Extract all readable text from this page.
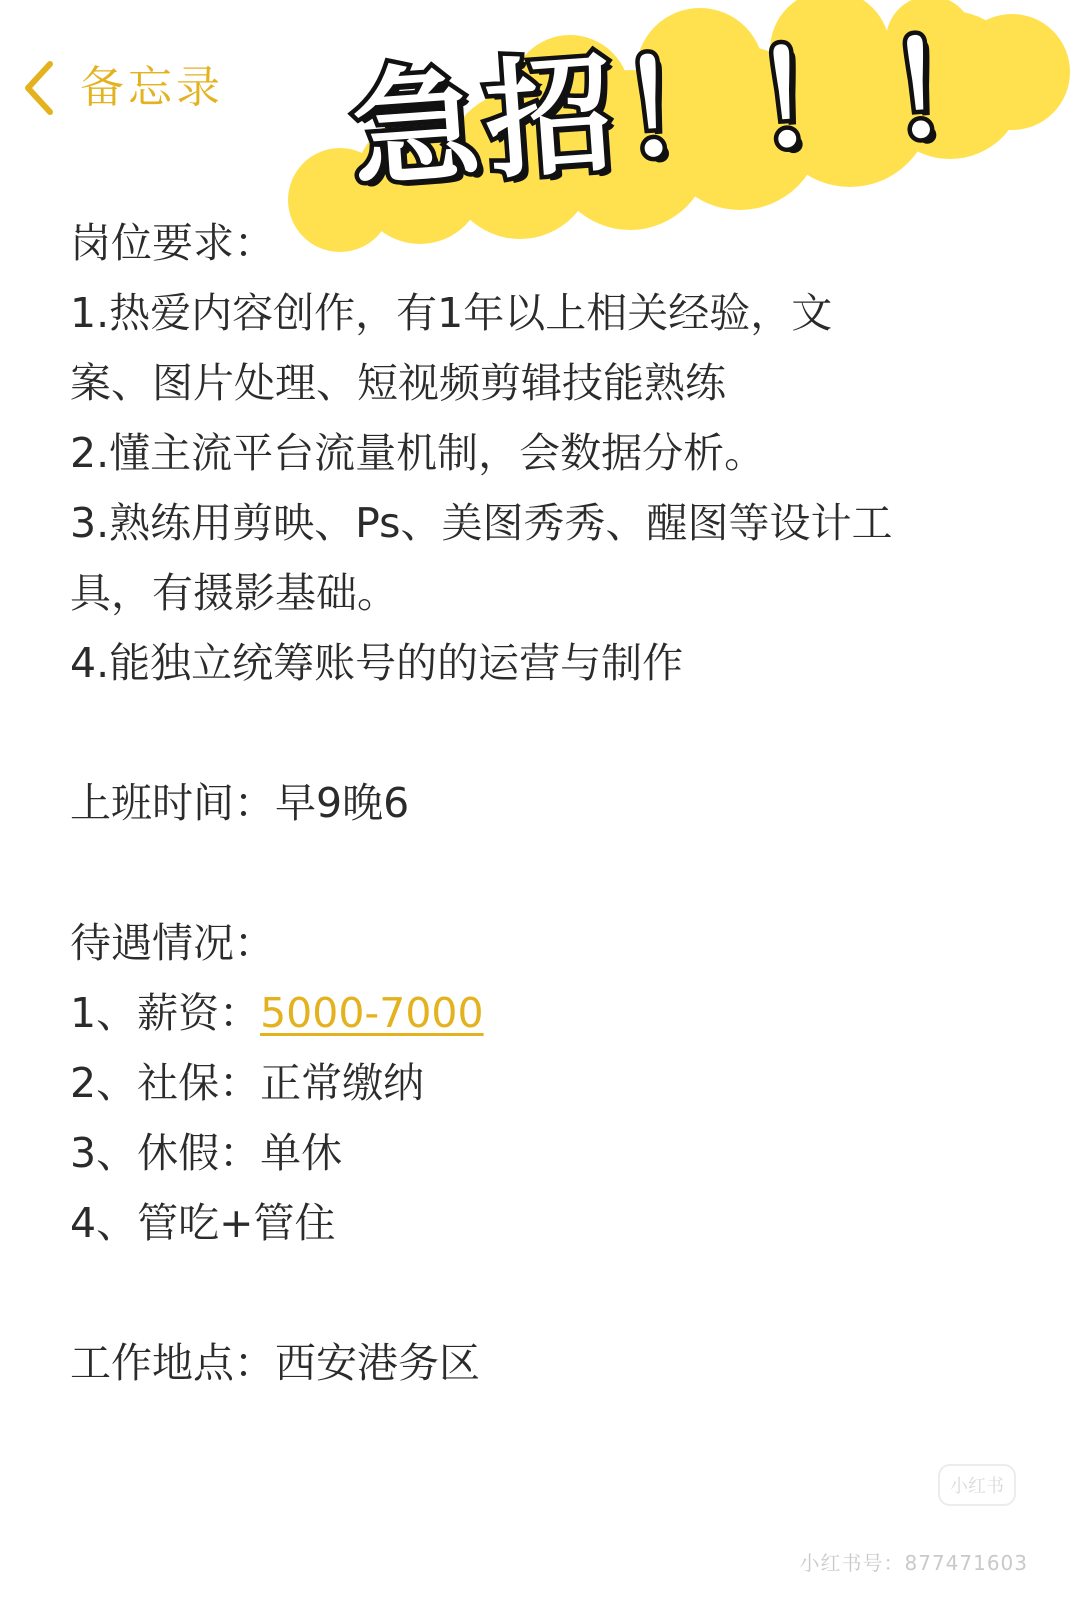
备忘录 急招！！！

岗位要求：

1.热爱内容创作，有1年以上相关经验，文

案、图片处理、短视频剪辑技能熟练

2.懂主流平台流量机制，会数据分析。

3.熟练用剪映、Ps、美图秀秀、醒图等设计工

具，有摄影基础。

4.能独立统筹账号的的运营与制作

上班时间：早9晚6

待遇情况：

1、薪资：5000-7000

2、社保：正常缴纳

3、休假：单休

4、管吃+管住

工作地点：西安港务区

小红书
小红书号：877471603
